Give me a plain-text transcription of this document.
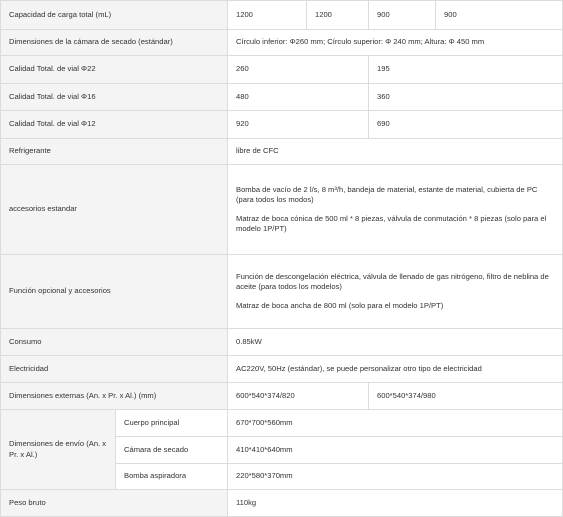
Capacidad de carga total (mL)		1200	1200	900	900
Dimensiones de la cámara de secado (estándar)		Círculo inferior: Φ260 mm; Círculo superior: Φ 240 mm; Altura: Φ 450 mm			
Calidad Total. de vial Φ22		260		195	
Calidad Total. de vial Φ16		480		360	
Calidad Total. de vial Φ12		920		690	
Refrigerante		libre de CFC			
accesorios estandar		Bomba de vacío de 2 l/s, 8 m³/h, bandeja de material, estante de material, cubierta de PC (para todos los modos)

Matraz de boca cónica de 500 ml * 8 piezas, válvula de conmutación * 8 piezas (solo para el modelo 1P/PT)			

Función opcional y accesorios		Función de descongelación eléctrica, válvula de llenado de gas nitrógeno, filtro de neblina de aceite (para todos los modelos)

Matraz de boca ancha de 800 ml (solo para el modelo 1P/PT)			

Consumo		0.85kW			
Electricidad		AC220V, 50Hz (estándar), se puede personalizar otro tipo de electricidad			
Dimensiones externas (An. x Pr. x Al.) (mm)		600*540*374/820		600*540*374/980	
Dimensiones de envío (An. x Pr. x Al.)	Cuerpo principal	670*700*560mm			
	Cámara de secado	410*410*640mm			
	Bomba aspiradora	220*580*370mm			
Peso bruto		110kg			
